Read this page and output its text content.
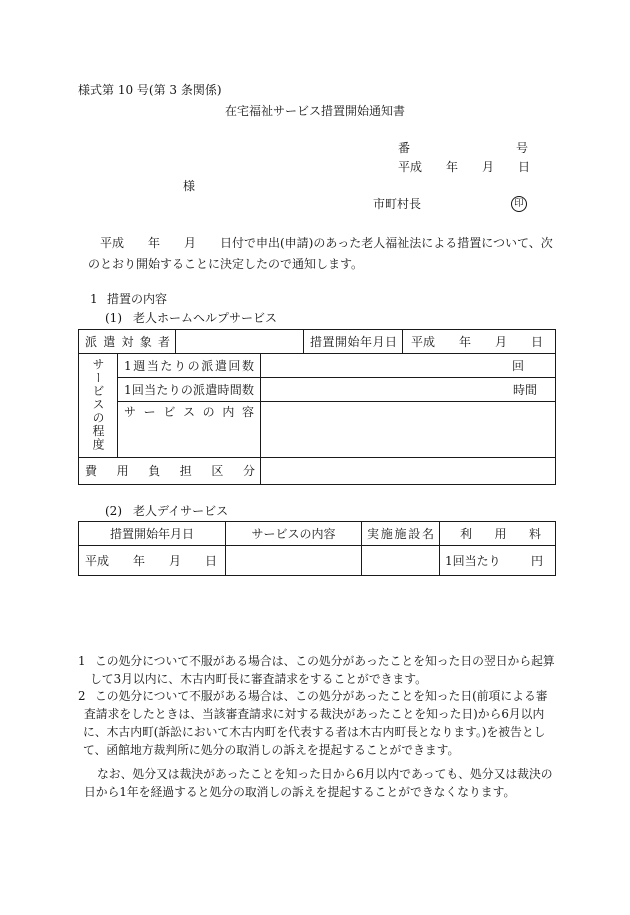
様式第 10 号(第 3 条関係)
在宅福祉サービス措置開始通知書
番	号
平成　　年　　月　　日
様
市町村長	印
平成　　年　　月　　日付で申出(申請)のあった老人福祉法による措置について、次
のとおり開始することに決定したので通知します。
1 措置の内容
(1) 老人ホームヘルプサービス
派遣対象者				措置開始年月日	平成　　年　　月　　日
サービスの程度	1週当たりの派遣回数		回		
	1回当たりの派遣時間数		時間		
	サービスの内容				
費用負担区分					
(2) 老人デイサービス
措置開始年月日	サービスの内容	実施施設名	利用料
平成　　年　　月　　日			1回当たり 円
1 この処分について不服がある場合は、この処分があったことを知った日の翌日から起算
して3月以内に、木古内町長に審査請求をすることができます。
2 この処分について不服がある場合は、この処分があったことを知った日(前項による審
査請求をしたときは、当該審査請求に対する裁決があったことを知った日)から6月以内
に、木古内町(訴訟において木古内町を代表する者は木古内町長となります。)を被告とし
て、函館地方裁判所に処分の取消しの訴えを提起することができます。
なお、処分又は裁決があったことを知った日から6月以内であっても、処分又は裁決の
日から1年を経過すると処分の取消しの訴えを提起することができなくなります。
